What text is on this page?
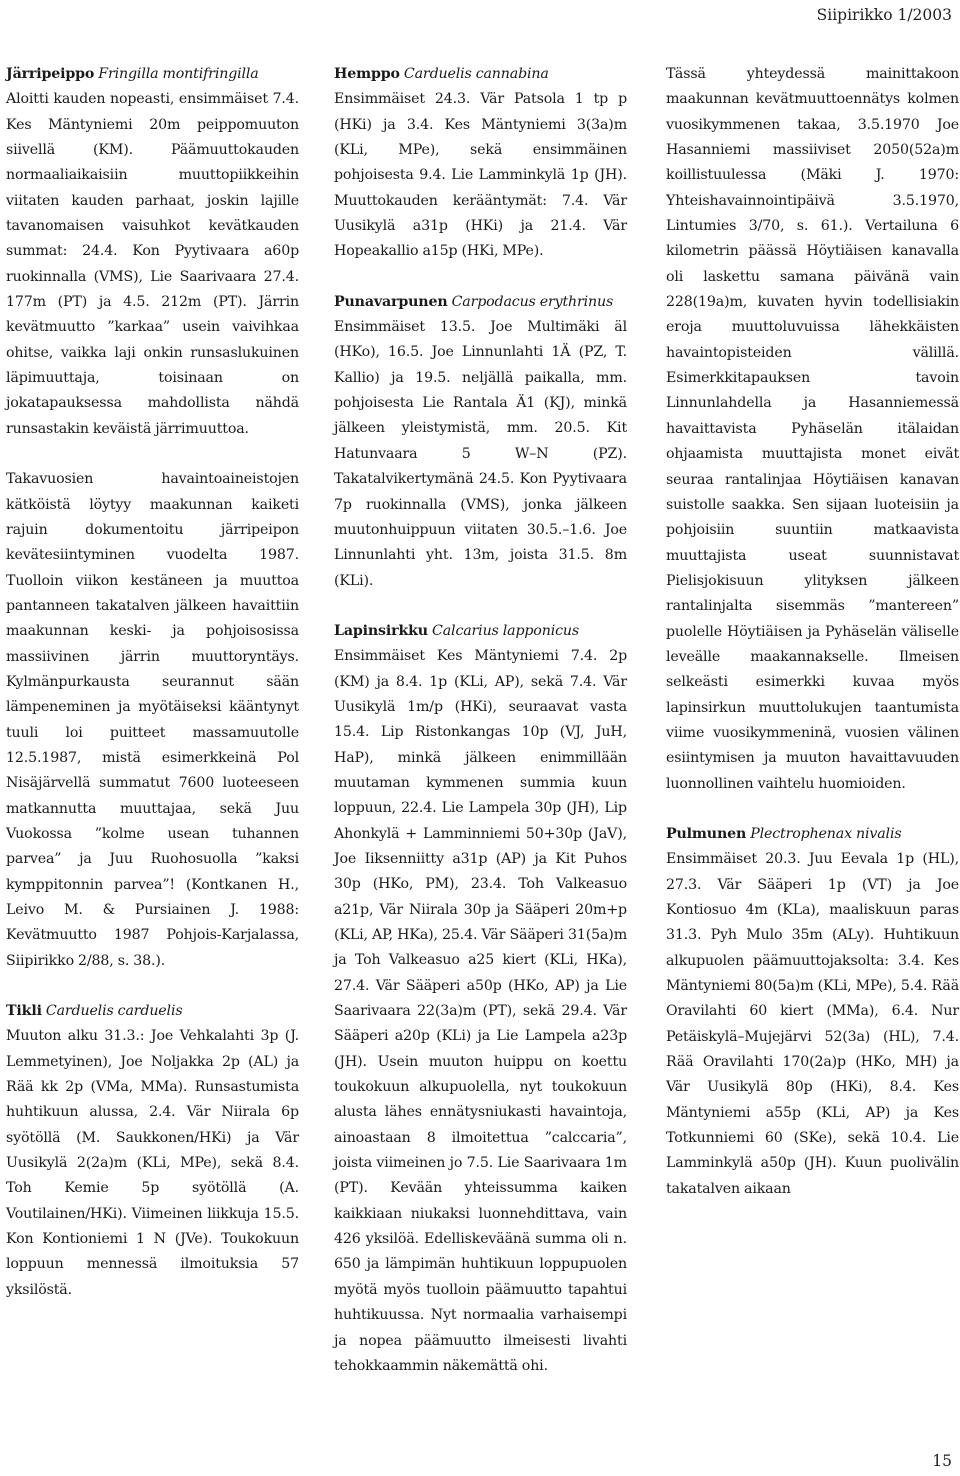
Siipirikko 1/2003
Järripeippo Fringilla montifringilla

Aloitti kauden nopeasti, ensimmäiset 7.4. Kes Mäntyniemi 20m peippomuuton siivellä (KM). Päämuuttokauden normaaliaikaisiin muuttopiikkeihin viitaten kauden parhaat, joskin lajille tavanomaisen vaisuhkot kevätkauden summat: 24.4. Kon Pyytivaara a60p ruokinnalla (VMS), Lie Saarivaara 27.4. 177m (PT) ja 4.5. 212m (PT). Järrin kevätmuutto ”karkaa” usein vaivihkaa ohitse, vaikka laji onkin runsaslukuinen läpimuuttaja, toisinaan on jokatapauksessa mahdollista nähdä runsastakin keväistä järrimuuttoa.

Takavuosien havaintoaineistojen kätköistä löytyy maakunnan kaiketi rajuin dokumentoitu järripeipon kevätesiintyminen vuodelta 1987. Tuolloin viikon kestäneen ja muuttoa pantanneen takatalven jälkeen havaittiin maakunnan keski- ja pohjoisosissa massiivinen järrin muuttoryntäys. Kylmänpurkausta seurannut sään lämpeneminen ja myötäiseksi kääntynyt tuuli loi puitteet massamuutolle 12.5.1987, mistä esimerkkeinä Pol Nisäjärvellä summatut 7600 luoteeseen matkannutta muuttajaa, sekä Juu Vuokossa ”kolme usean tuhannen parvea” ja Juu Ruohosuolla ”kaksi kymppitonnin parvea”! (Kontkanen H., Leivo M. & Pursiainen J. 1988: Kevätmuutto 1987 Pohjois-Karjalassa, Siipirikko 2/88, s. 38.).

Tikli Carduelis carduelis

Muuton alku 31.3.: Joe Vehkalahti 3p (J. Lemmetyinen), Joe Noljakka 2p (AL) ja Rää kk 2p (VMa, MMa). Runsastumista huhtikuun alussa, 2.4. Vär Niirala 6p syötöllä (M. Saukkonen/HKi) ja Vär Uusikylä 2(2a)m (KLi, MPe), sekä 8.4. Toh Kemie 5p syötöllä (A. Voutilainen/HKi). Viimeinen liikkuja 15.5. Kon Kontioniemi 1 N (JVe). Toukokuun loppuun mennessä ilmoituksia 57 yksilöstä.

Hemppo Carduelis cannabina

Ensimmäiset 24.3. Vär Patsola 1 tp p (HKi) ja 3.4. Kes Mäntyniemi 3(3a)m (KLi, MPe), sekä ensimmäinen pohjoisesta 9.4. Lie Lamminkylä 1p (JH). Muuttokauden kerääntymät: 7.4. Vär Uusikylä a31p (HKi) ja 21.4. Vär Hopeakallio a15p (HKi, MPe).

Punavarpunen Carpodacus erythrinus

Ensimmäiset 13.5. Joe Multimäki äl (HKo), 16.5. Joe Linnunlahti 1Ä (PZ, T. Kallio) ja 19.5. neljällä paikalla, mm. pohjoisesta Lie Rantala Ä1 (KJ), minkä jälkeen yleistymistä, mm. 20.5. Kit Hatunvaara 5 W–N (PZ). Takatalvikertymänä 24.5. Kon Pyytivaara 7p ruokinnalla (VMS), jonka jälkeen muutonhuippuun viitaten 30.5.–1.6. Joe Linnunlahti yht. 13m, joista 31.5. 8m (KLi).

Lapinsirkku Calcarius lapponicus

Ensimmäiset Kes Mäntyniemi 7.4. 2p (KM) ja 8.4. 1p (KLi, AP), sekä 7.4. Vär Uusikylä 1m/p (HKi), seuraavat vasta 15.4. Lip Ristonkangas 10p (VJ, JuH, HaP), minkä jälkeen enimmillään muutaman kymmenen summia kuun loppuun, 22.4. Lie Lampela 30p (JH), Lip Ahonkylä + Lamminniemi 50+30p (JaV), Joe Iiksenniitty a31p (AP) ja Kit Puhos 30p (HKo, PM), 23.4. Toh Valkeasuo a21p, Vär Niirala 30p ja Sääperi 20m+p (KLi, AP, HKa), 25.4. Vär Sääperi 31(5a)m ja Toh Valkeasuo a25 kiert (KLi, HKa), 27.4. Vär Sääperi a50p (HKo, AP) ja Lie Saarivaara 22(3a)m (PT), sekä 29.4. Vär Sääperi a20p (KLi) ja Lie Lampela a23p (JH). Usein muuton huippu on koettu toukokuun alkupuolella, nyt toukokuun alusta lähes ennätysniukasti havaintoja, ainoastaan 8 ilmoitettua ”calccaria”, joista viimeinen jo 7.5. Lie Saarivaara 1m (PT). Kevään yhteissumma kaiken kaikkiaan niukaksi luonnehdittava, vain 426 yksilöä. Edelliskeväänä summa oli n. 650 ja lämpimän huhtikuun loppupuolen myötä myös tuolloin päämuutto tapahtui huhtikuussa. Nyt normaalia varhaisempi ja nopea päämuutto ilmeisesti livahti tehokkaammin näkemättä ohi.

Tässä yhteydessä mainittakoon maakunnan kevätmuuttoennätys kolmen vuosikymmenen takaa, 3.5.1970 Joe Hasanniemi massiiviset 2050(52a)m koillistuulessa (Mäki J. 1970: Yhteishavainnointipäivä 3.5.1970, Lintumies 3/70, s. 61.). Vertailuna 6 kilometrin päässä Höytiäisen kanavalla oli laskettu samana päivänä vain 228(19a)m, kuvaten hyvin todellisiakin eroja muuttoluvuissa lähekkäisten havaintopisteiden välillä. Esimerkkitapauksen tavoin Linnunlahdella ja Hasanniemessä havaittavista Pyhäselän itälaidan ohjaamista muuttajista monet eivät seuraa rantalinjaa Höytiäisen kanavan suistolle saakka. Sen sijaan luoteisiin ja pohjoisiin suuntiin matkaavista muuttajista useat suunnistavat Pielisjokisuun ylityksen jälkeen rantalinjalta sisemmäs ”mantereen” puolelle Höytiäisen ja Pyhäselän väliselle leveälle maakannakselle. Ilmeisen selkeästi esimerkki kuvaa myös lapinsirkun muuttolukujen taantumista viime vuosikymmeninä, vuosien välinen esiintymisen ja muuton havaittavuuden luonnollinen vaihtelu huomioiden.

Pulmunen Plectrophenax nivalis

Ensimmäiset 20.3. Juu Eevala 1p (HL), 27.3. Vär Sääperi 1p (VT) ja Joe Kontiosuo 4m (KLa), maaliskuun paras 31.3. Pyh Mulo 35m (ALy). Huhtikuun alkupuolen päämuuttojaksolta: 3.4. Kes Mäntyniemi 80(5a)m (KLi, MPe), 5.4. Rää Oravilahti 60 kiert (MMa), 6.4. Nur Petäiskylä–Mujejärvi 52(3a) (HL), 7.4. Rää Oravilahti 170(2a)p (HKo, MH) ja Vär Uusikylä 80p (HKi), 8.4. Kes Mäntyniemi a55p (KLi, AP) ja Kes Totkunniemi 60 (SKe), sekä 10.4. Lie Lamminkylä a50p (JH). Kuun puolivälin takatalven aikaan

15
